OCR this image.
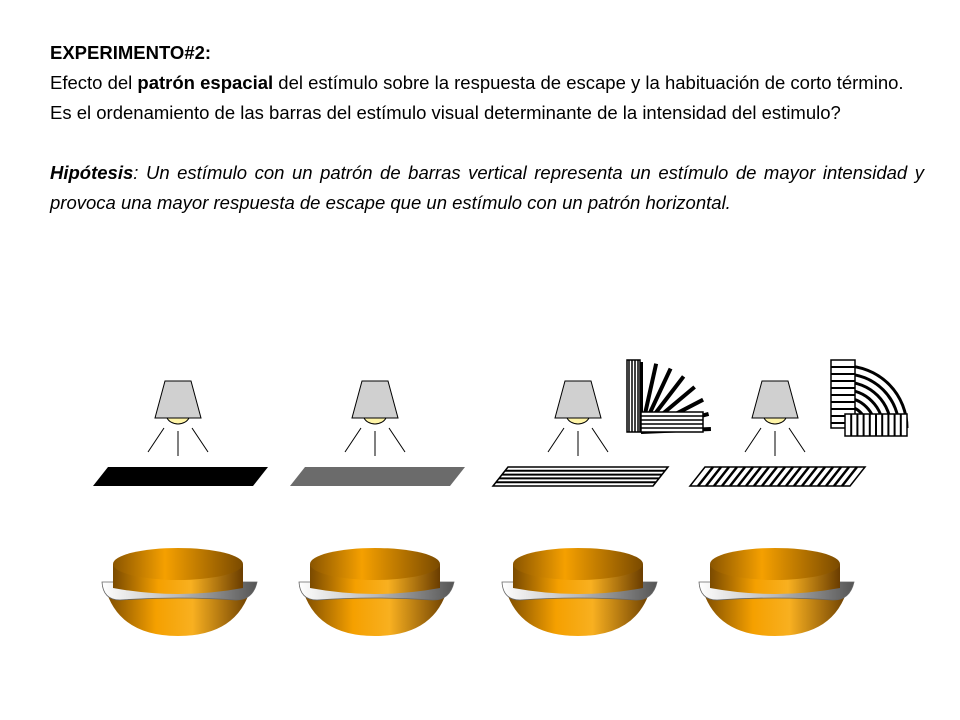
EXPERIMENTO#2:

Efecto del patrón espacial del estímulo sobre la respuesta de escape y la habituación de corto término.

Es el ordenamiento de las barras del estímulo visual determinante de la intensidad del estimulo?

Hipótesis: Un estímulo con un patrón de barras vertical representa un estímulo de mayor intensidad y provoca una mayor respuesta de escape que un estímulo con un patrón horizontal.
